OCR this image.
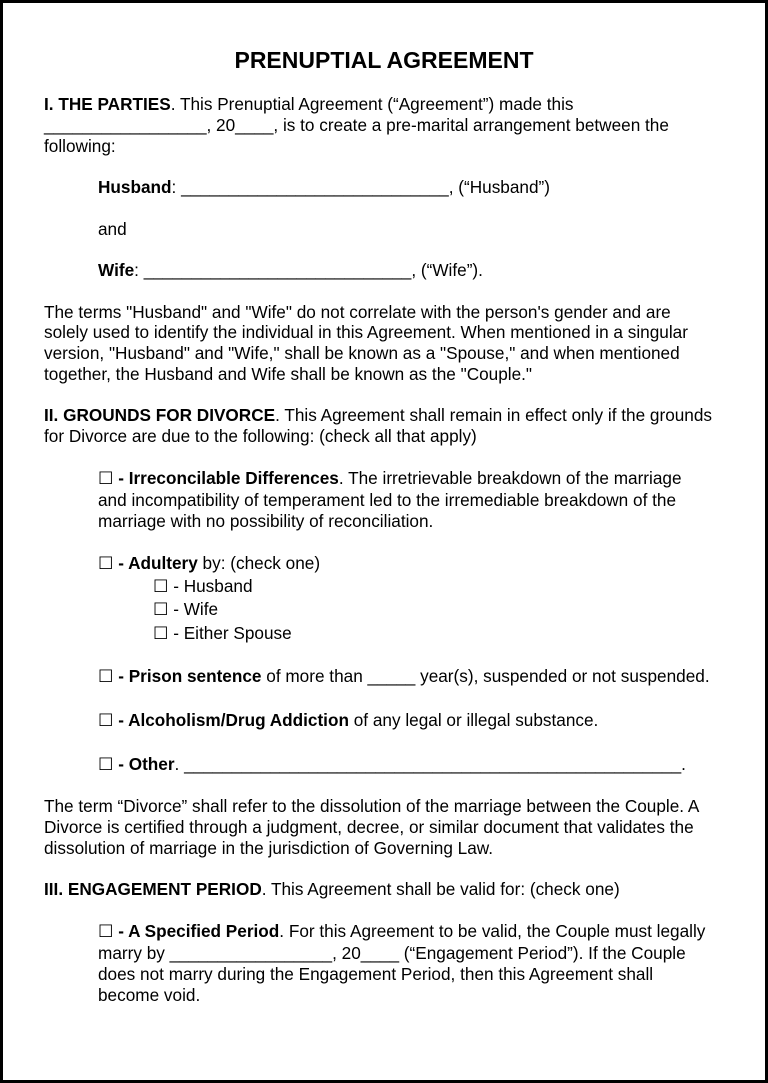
PRENUPTIAL AGREEMENT
I. THE PARTIES. This Prenuptial Agreement (“Agreement”) made this
_________________, 20____, is to create a pre-marital arrangement between the
following:
Husband: ____________________________, (“Husband”)
and
Wife: ____________________________, (“Wife”).
The terms "Husband" and "Wife" do not correlate with the person's gender and are
solely used to identify the individual in this Agreement. When mentioned in a singular
version, "Husband" and "Wife," shall be known as a "Spouse," and when mentioned
together, the Husband and Wife shall be known as the "Couple."
II. GROUNDS FOR DIVORCE. This Agreement shall remain in effect only if the grounds
for Divorce are due to the following: (check all that apply)
☐ - Irreconcilable Differences. The irretrievable breakdown of the marriage
and incompatibility of temperament led to the irremediable breakdown of the
marriage with no possibility of reconciliation.
☐ - Adultery by: (check one)
☐ - Husband
☐ - Wife
☐ - Either Spouse
☐ - Prison sentence of more than _____ year(s), suspended or not suspended.
☐ - Alcoholism/Drug Addiction of any legal or illegal substance.
☐ - Other. ____________________________________________________.
The term “Divorce” shall refer to the dissolution of the marriage between the Couple. A
Divorce is certified through a judgment, decree, or similar document that validates the
dissolution of marriage in the jurisdiction of Governing Law.
III. ENGAGEMENT PERIOD. This Agreement shall be valid for: (check one)
☐ - A Specified Period. For this Agreement to be valid, the Couple must legally
marry by _________________, 20____ (“Engagement Period”). If the Couple
does not marry during the Engagement Period, then this Agreement shall
become void.
